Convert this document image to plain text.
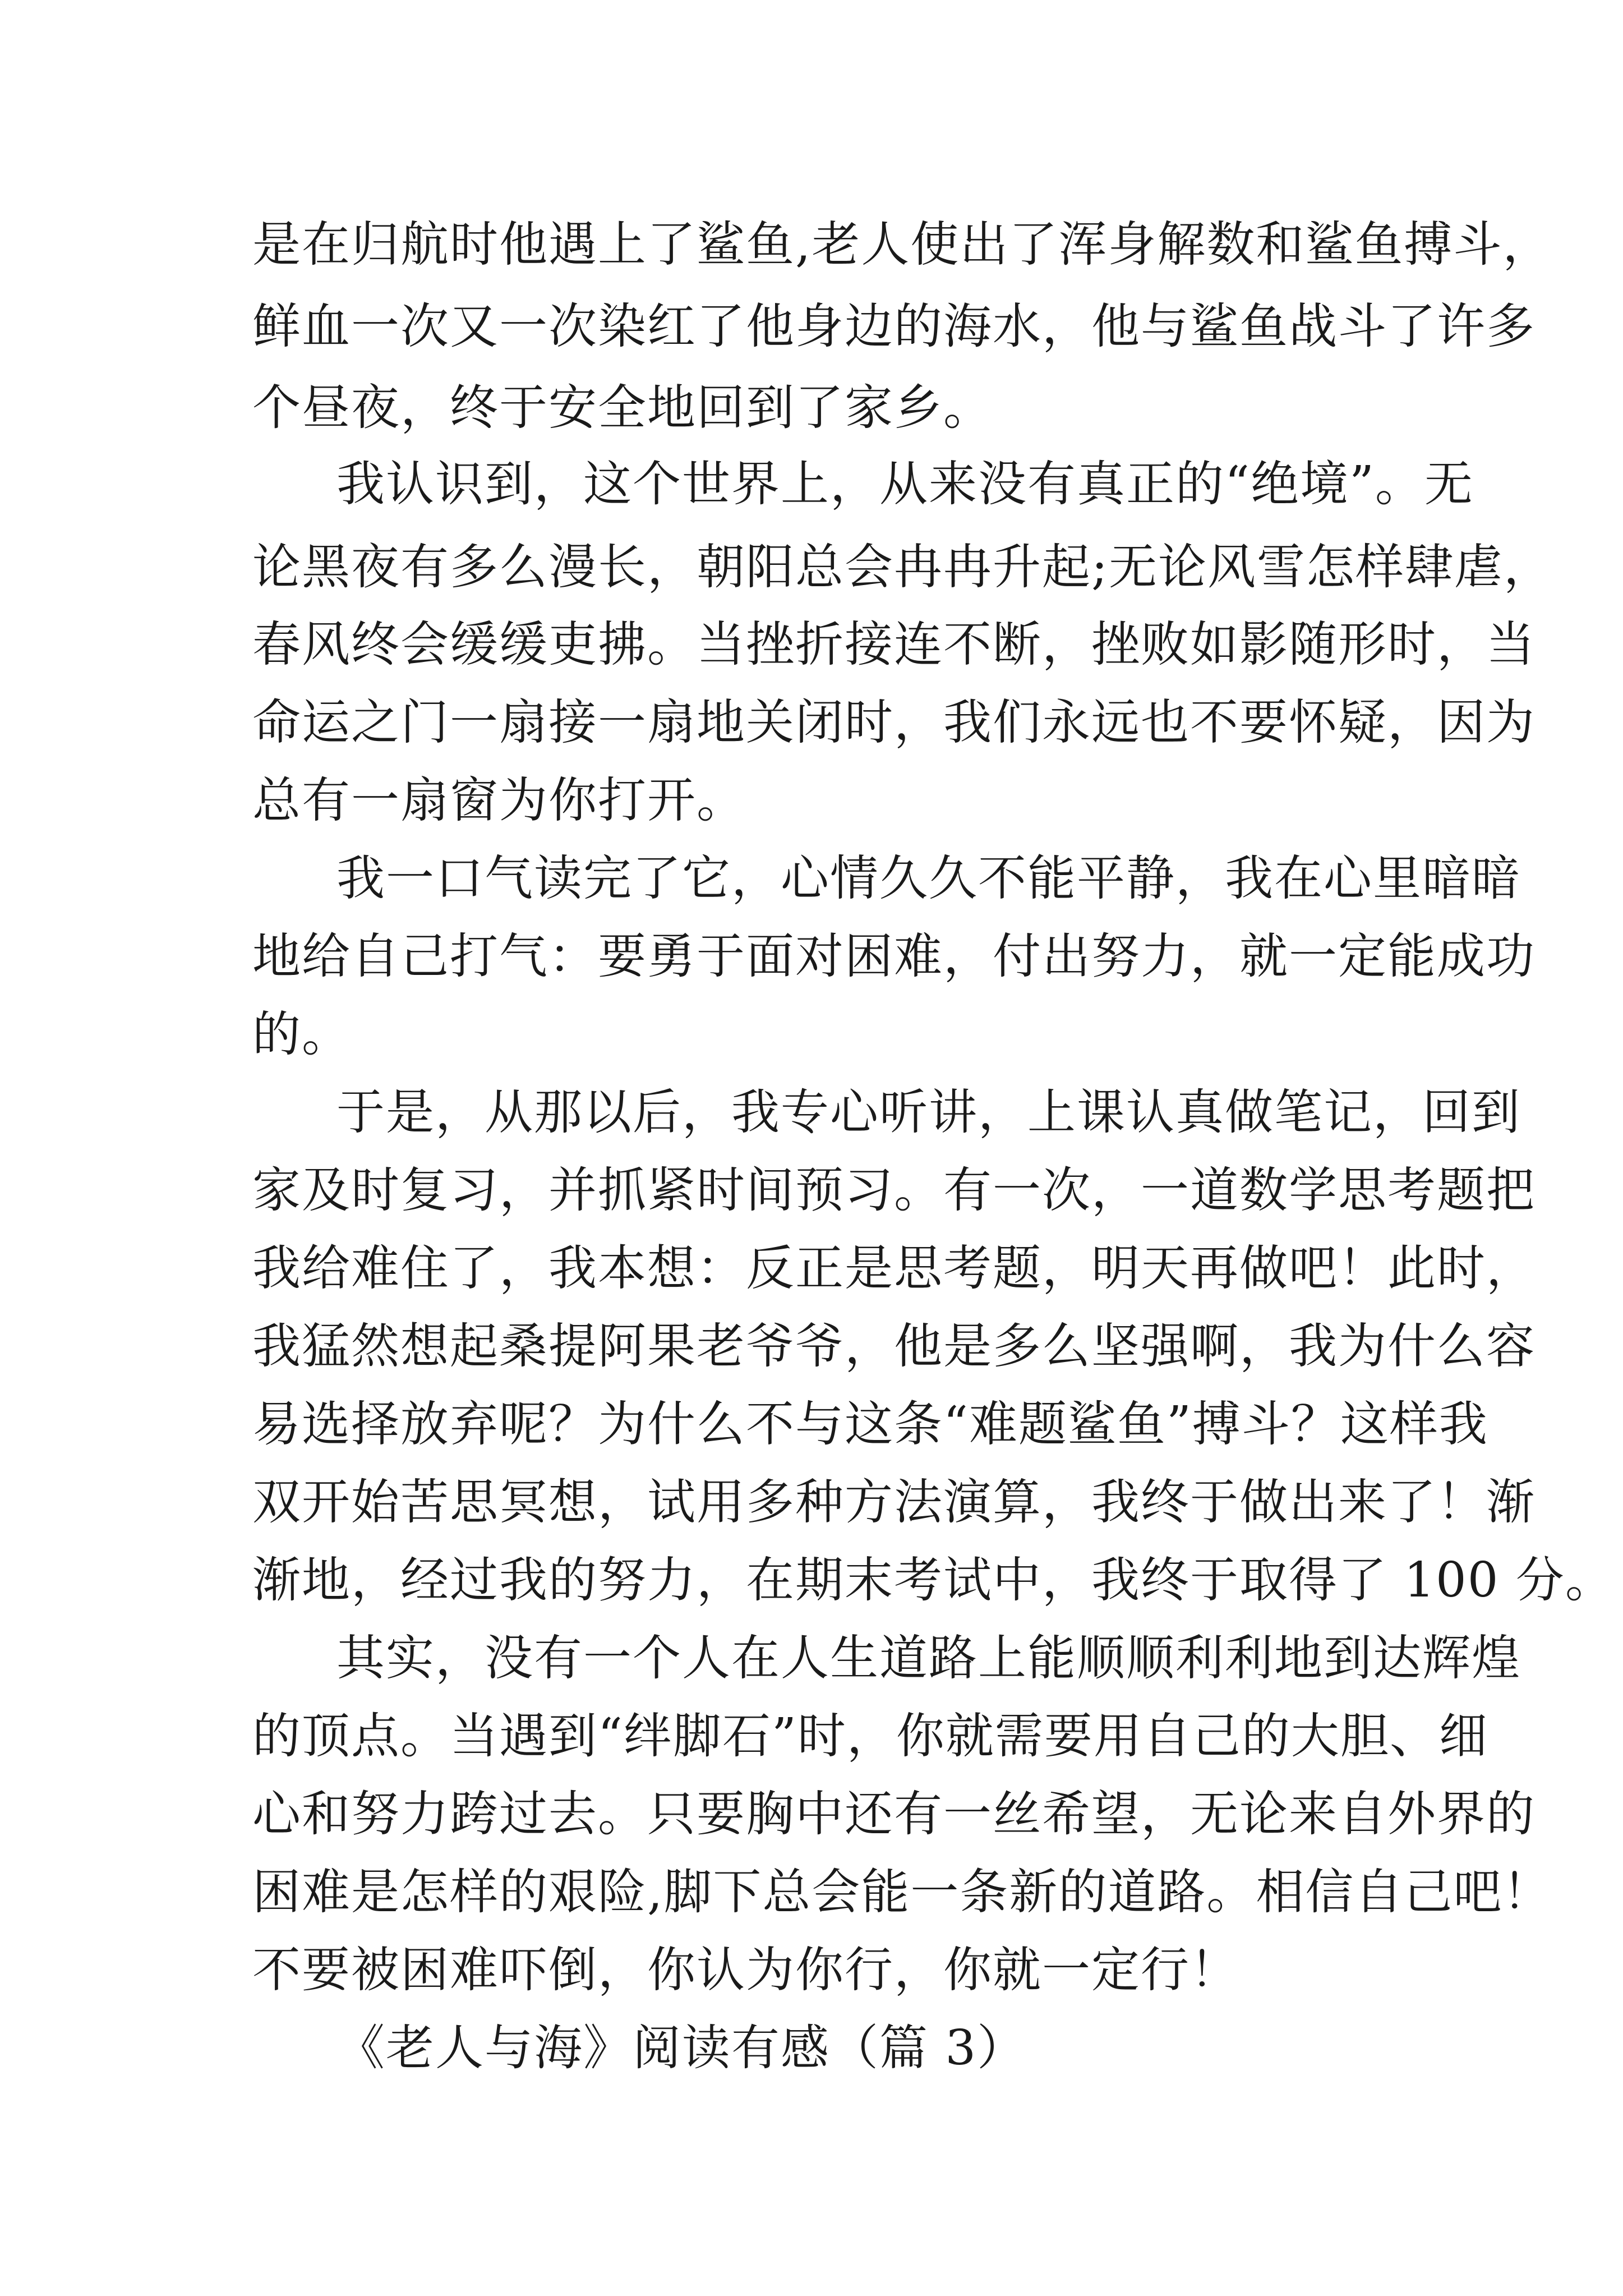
是在归航时他遇上了鲨鱼,老人使出了浑身解数和鲨鱼搏斗，

鲜血一次又一次染红了他身边的海水，他与鲨鱼战斗了许多

个昼夜，终于安全地回到了家乡。

我认识到，这个世界上，从来没有真正的“绝境”。无

论黑夜有多么漫长，朝阳总会冉冉升起;无论风雪怎样肆虐，

春风终会缓缓吏拂。当挫折接连不断，挫败如影随形时，当

命运之门一扇接一扇地关闭时，我们永远也不要怀疑，因为

总有一扇窗为你打开。

我一口气读完了它，心情久久不能平静，我在心里暗暗

地给自己打气：要勇于面对困难，付出努力，就一定能成功

的。

于是，从那以后，我专心听讲，上课认真做笔记，回到

家及时复习，并抓紧时间预习。有一次，一道数学思考题把

我给难住了，我本想：反正是思考题，明天再做吧！此时，

我猛然想起桑提阿果老爷爷，他是多么坚强啊，我为什么容

易选择放弃呢？为什么不与这条“难题鲨鱼”搏斗？这样我

双开始苦思冥想，试用多种方法演算，我终于做出来了！渐

渐地，经过我的努力，在期末考试中，我终于取得了 100 分。

其实，没有一个人在人生道路上能顺顺利利地到达辉煌

的顶点。当遇到“绊脚石”时，你就需要用自己的大胆、细

心和努力跨过去。只要胸中还有一丝希望，无论来自外界的

困难是怎样的艰险,脚下总会能一条新的道路。相信自己吧！

不要被困难吓倒，你认为你行，你就一定行！

《老人与海》阅读有感（篇 3）
